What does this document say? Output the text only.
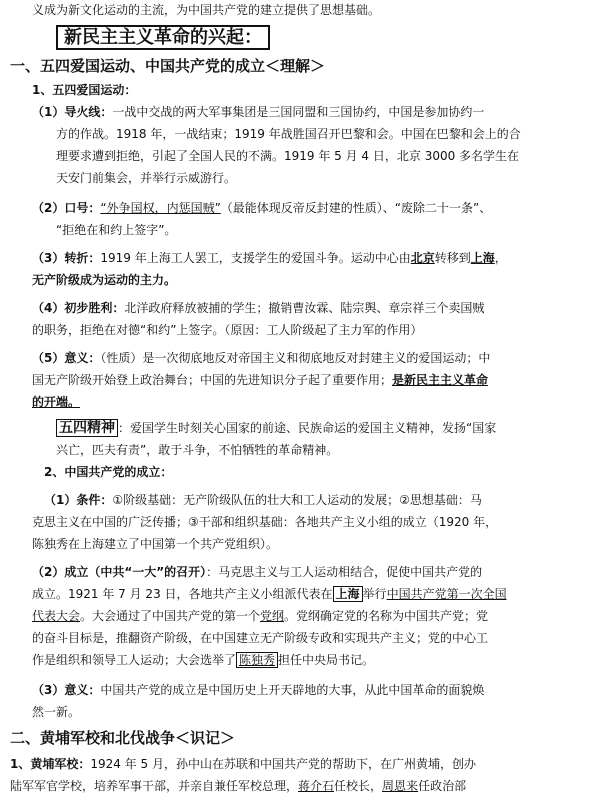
义成为新文化运动的主流，为中国共产党的建立提供了思想基础。
新民主主义革命的兴起：
一、五四爱国运动、中国共产党的成立＜理解＞
1、五四爱国运动：
（1）导火线：一战中交战的两大军事集团是三国同盟和三国协约，中国是参加协约一
方的作战。1918 年，一战结束；1919 年战胜国召开巴黎和会。中国在巴黎和会上的合
理要求遭到拒绝，引起了全国人民的不满。1919 年 5 月 4 日，北京 3000 多名学生在
天安门前集会，并举行示威游行。
（2）口号：“外争国权，内惩国贼”（最能体现反帝反封建的性质）、“废除二十一条”、
“拒绝在和约上签字”。
（3）转折：1919 年上海工人罢工，支援学生的爱国斗争。运动中心由北京转移到上海，
无产阶级成为运动的主力。
（4）初步胜利：北洋政府释放被捕的学生；撤销曹汝霖、陆宗舆、章宗祥三个卖国贼
的职务，拒绝在对德“和约”上签字。（原因：工人阶级起了主力军的作用）
（5）意义：（性质）是一次彻底地反对帝国主义和彻底地反对封建主义的爱国运动；中
国无产阶级开始登上政治舞台；中国的先进知识分子起了重要作用；是新民主主义革命
的开端。
五四精神 ：爱国学生时刻关心国家的前途、民族命运的爱国主义精神，发扬“国家
兴亡，匹夫有责”，敢于斗争，不怕牺牲的革命精神。
2、中国共产党的成立：
（1）条件：①阶级基础：无产阶级队伍的壮大和工人运动的发展；②思想基础：马
克思主义在中国的广泛传播；③干部和组织基础：各地共产主义小组的成立（1920 年，
陈独秀在上海建立了中国第一个共产党组织）。
（2）成立（中共“一大”的召开）：马克思主义与工人运动相结合，促使中国共产党的
成立。1921 年 7 月 23 日，各地共产主义小组派代表在 上海 举行中国共产党第一次全国
代表大会。大会通过了中国共产党的第一个党纲。党纲确定党的名称为中国共产党；党
的奋斗目标是，推翻资产阶级，在中国建立无产阶级专政和实现共产主义；党的中心工
作是组织和领导工人运动；大会选举了 陈独秀 担任中央局书记。
（3）意义：中国共产党的成立是中国历史上开天辟地的大事，从此中国革命的面貌焕
然一新。
二、黄埔军校和北伐战争＜识记＞
1、黄埔军校：1924 年 5 月，孙中山在苏联和中国共产党的帮助下，在广州黄埔，创办
陆军军官学校，培养军事干部，并亲自兼任军校总理，蒋介石任校长，周恩来任政治部
